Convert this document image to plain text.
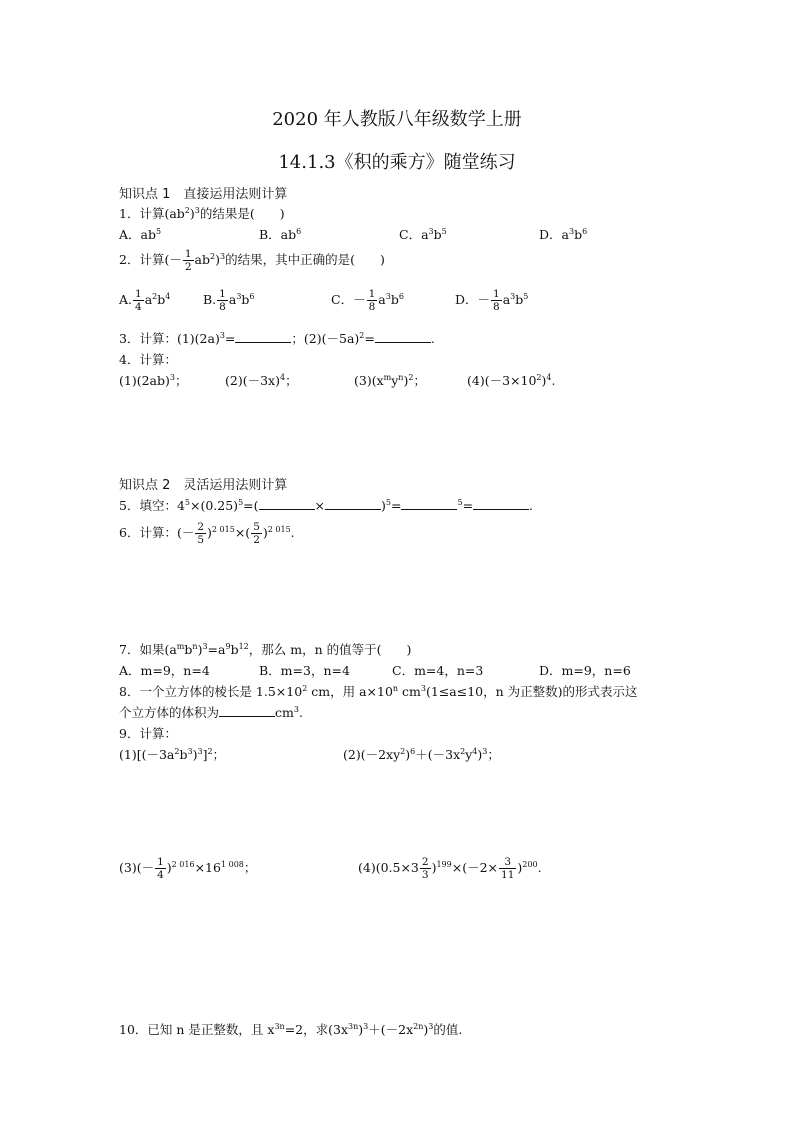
2020 年人教版八年级数学上册
14.1.3《积的乘方》随堂练习
知识点 1　直接运用法则计算
1．计算$(ab^2)^3$的结果是(　　)
A．$ab^5$	B．$ab^6$	C．$a^3b^5$	D．$a^3b^6$
2．计算(－ $\frac{1}{2} ab^2)^3$的结果，其中正确的是(　　)
A. $\frac{1}{4} a^2b^4$	B. $\frac{1}{8} a^3b^6$	C．－ $\frac{1}{8} a^3b^6$	D．－ $\frac{1}{8} a^3b^5$
3．计算：$(1)(2a)^3=$	；$(2)(-5a)^2=$	.
4．计算：
$(1)(2ab)^3$；	$(2)(-3x)^4$；	$(3)(x^my^n)^2$；	$(4)(-3\times 10^2)^4$.
知识点 2　灵活运用法则计算
5．填空：$4^5\times(0.25)^5=$(	×	)$^5$=	$^5$=	.
6．计算：(－ $\frac{2}{5} )^{2 015}\times( \frac{5}{2} )^{2 015}$.
7．如果$(a^mb^n)^3=a^9b^{12}$，那么 m，n 的值等于(　　)
A．m=9，n=4	B．m=3，n=4	C．m=4，n=3	D．m=9，n=6
8．一个立方体的棱长是 $1.5\times 10^2$ cm，用 $a\times 10^n$ $cm^3(1\le a\le 10$，n 为正整数)的形式表示这
个立方体的体积为	$cm^3$.
9．计算：
$(1)[(-3a^2b^3)^3]^2$；	$(2)(-2xy^2)^6+(-3x^2y^4)^3$；
$(3)(- \frac{1}{4} )^{2 016}\times 16^{1 008}$；	$(4)(0.5\times 3 \frac{2}{3} )^{199}\times(-2\times \frac{3}{11} )^{200}$.
10．已知 n 是正整数，且 $x^{3n}=2$，求$(3x^{3n})^3+(-2x^{2n})^3$的值.
